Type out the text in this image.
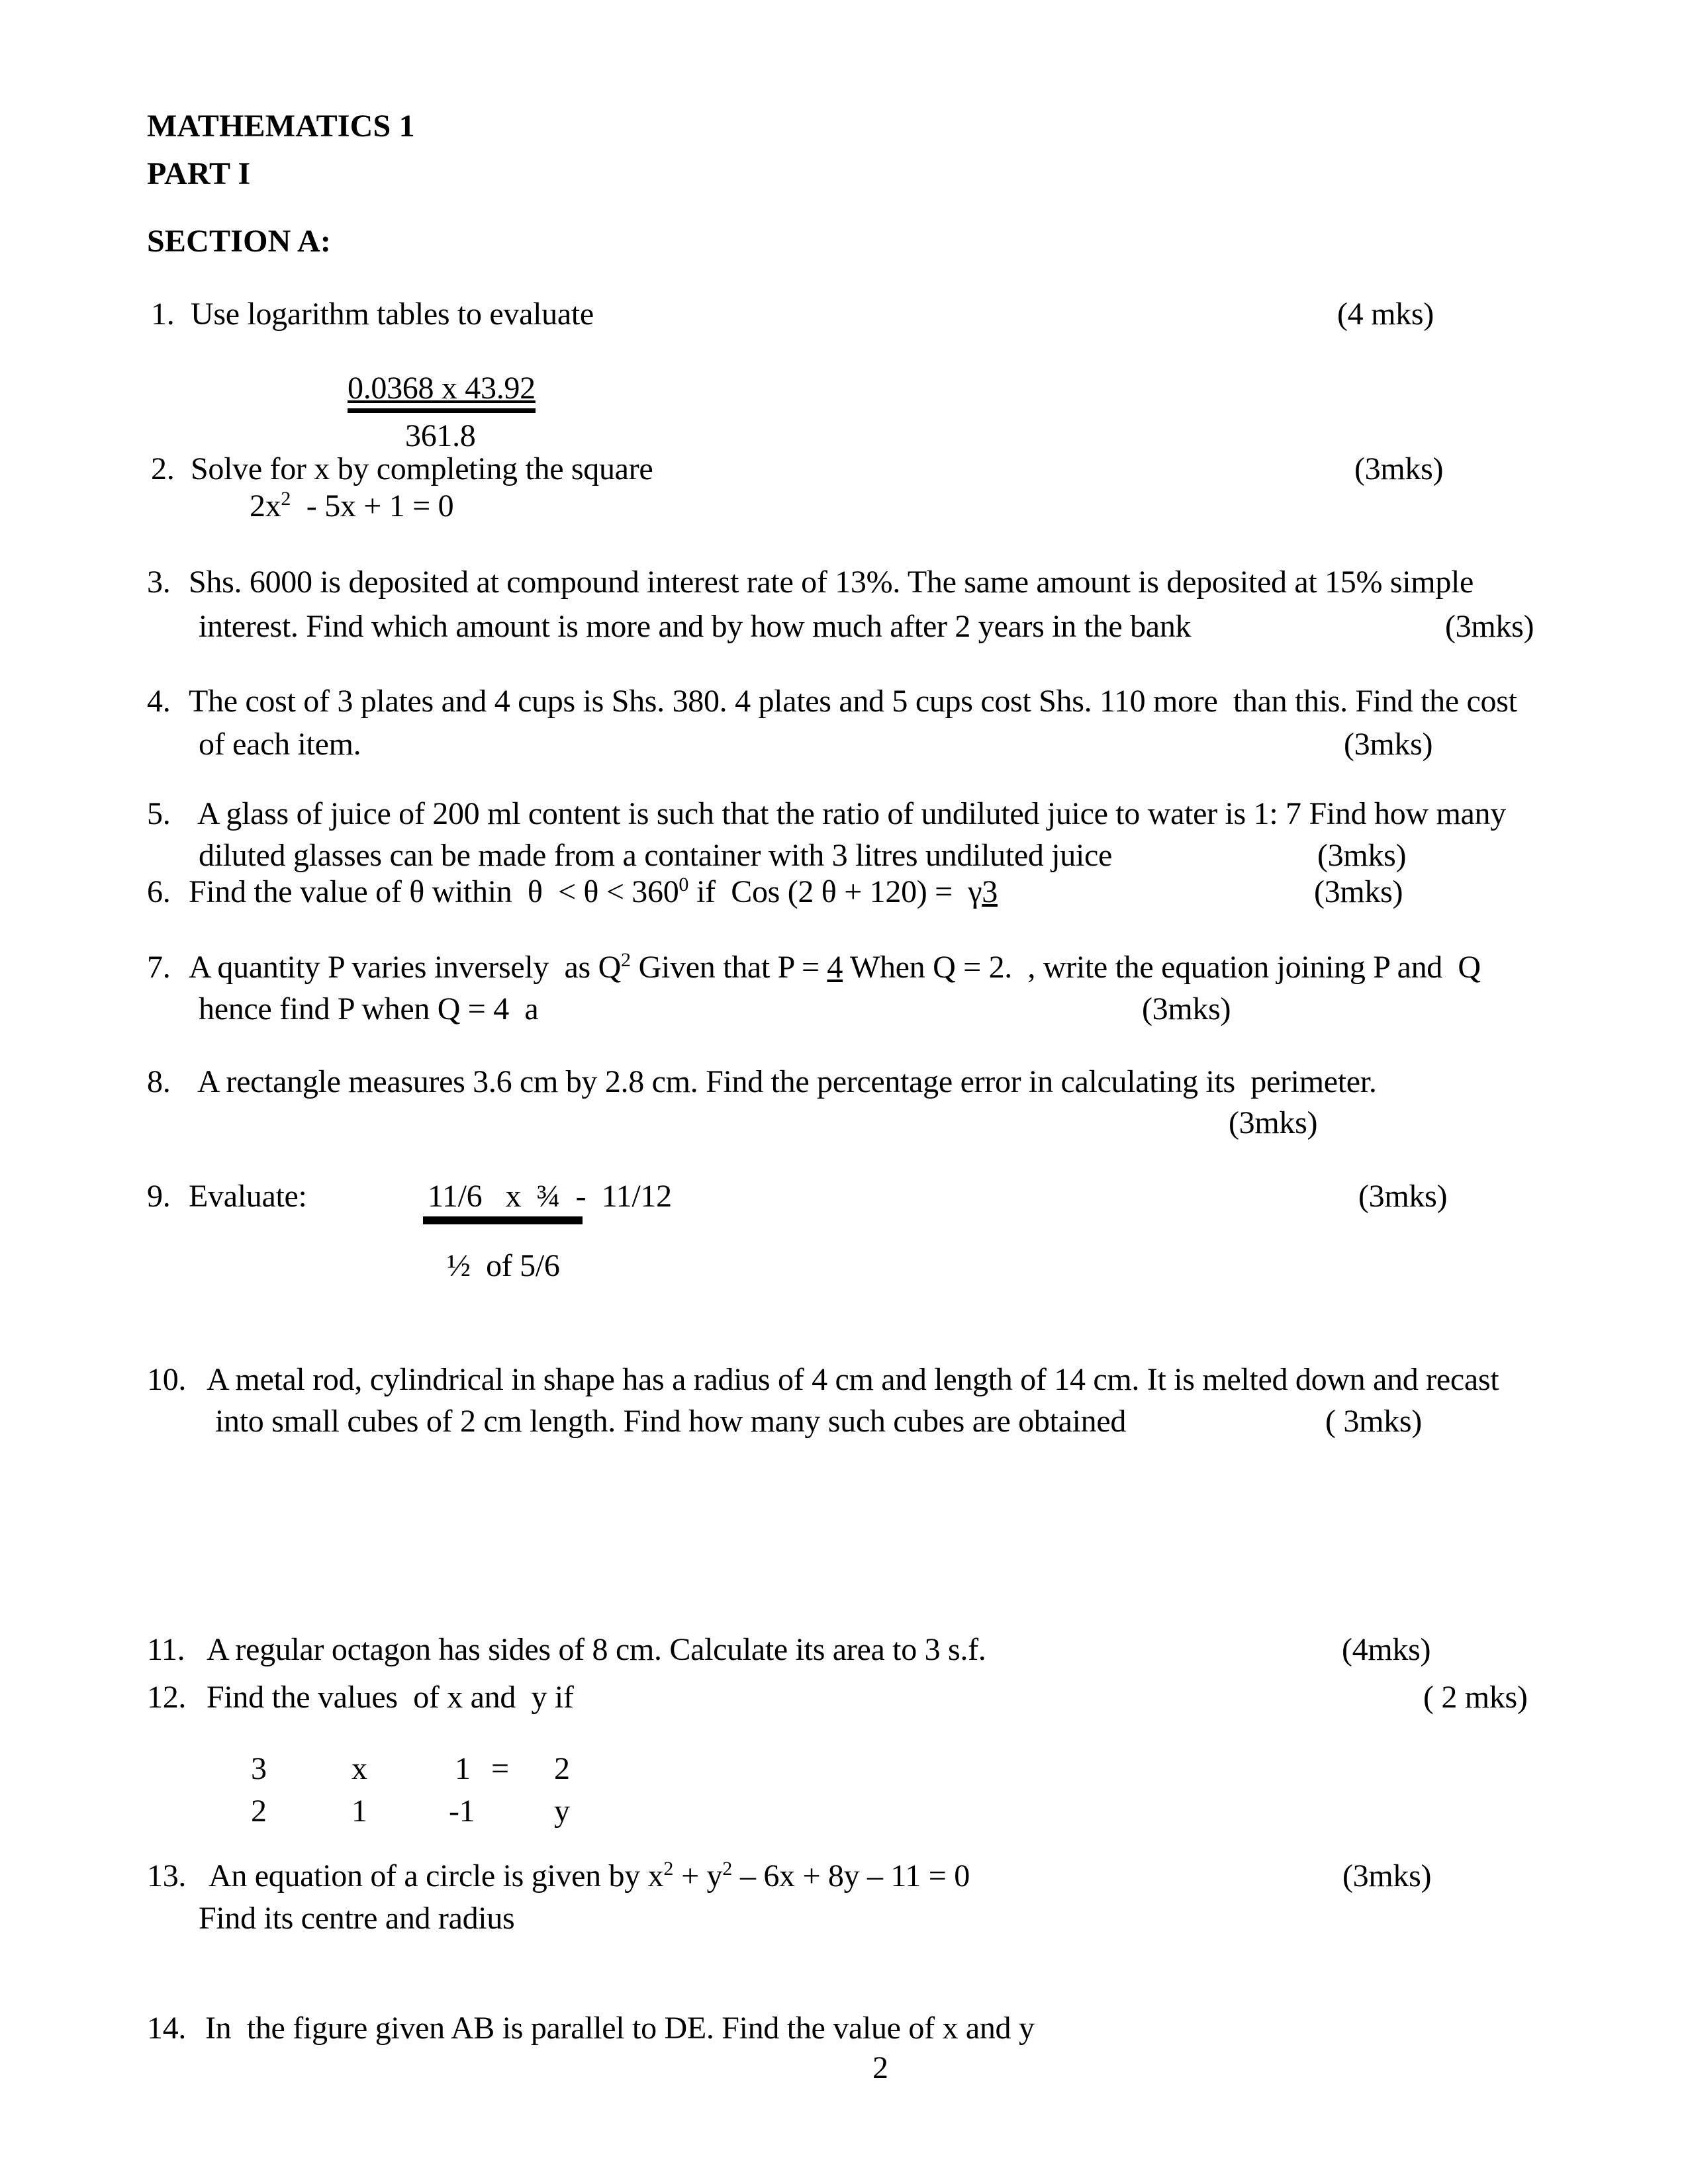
MATHEMATICS 1
PART I
SECTION A:
1. Use logarithm tables to evaluate	(4 mks)
0.0368 x 43.92
361.8
2. Solve for x by completing the square	(3mks)
$2x^2 - 5x + 1 = 0$
3. Shs. 6000 is deposited at compound interest rate of 13%. The same amount is deposited at 15% simple
interest. Find which amount is more and by how much after 2 years in the bank	(3mks)
4. The cost of 3 plates and 4 cups is Shs. 380. 4 plates and 5 cups cost Shs. 110 more  than this. Find the cost
of each item.	(3mks)
5. A glass of juice of 200 ml content is such that the ratio of undiluted juice to water is 1: 7 Find how many
diluted glasses can be made from a container with 3 litres undiluted juice	(3mks)
6. Find the value of θ within  $\theta < \theta < 360^0$ if  Cos (2 θ + 120) =  γ3	(3mks)
7. A quantity P varies inversely  as $Q^2$ Given that P = 4 When Q = 2.  , write the equation joining P and  Q
hence find P when Q = 4  a	(3mks)
8. A rectangle measures 3.6 cm by 2.8 cm. Find the percentage error in calculating its  perimeter.
(3mks)
9. Evaluate:	11/6   x  ¾  -  11/12	(3mks)
½  of 5/6
10. A metal rod, cylindrical in shape has a radius of 4 cm and length of 14 cm. It is melted down and recast
into small cubes of 2 cm length. Find how many such cubes are obtained	( 3mks)
11. A regular octagon has sides of 8 cm. Calculate its area to 3 s.f.	(4mks)
12. Find the values  of x and  y if	( 2 mks)
3	x	1 = 2
2	1	-1 y
13. An equation of a circle is given by $x^2 + y^2 - 6x + 8y - 11 = 0$	(3mks)
Find its centre and radius
14. In  the figure given AB is parallel to DE. Find the value of x and y
2
